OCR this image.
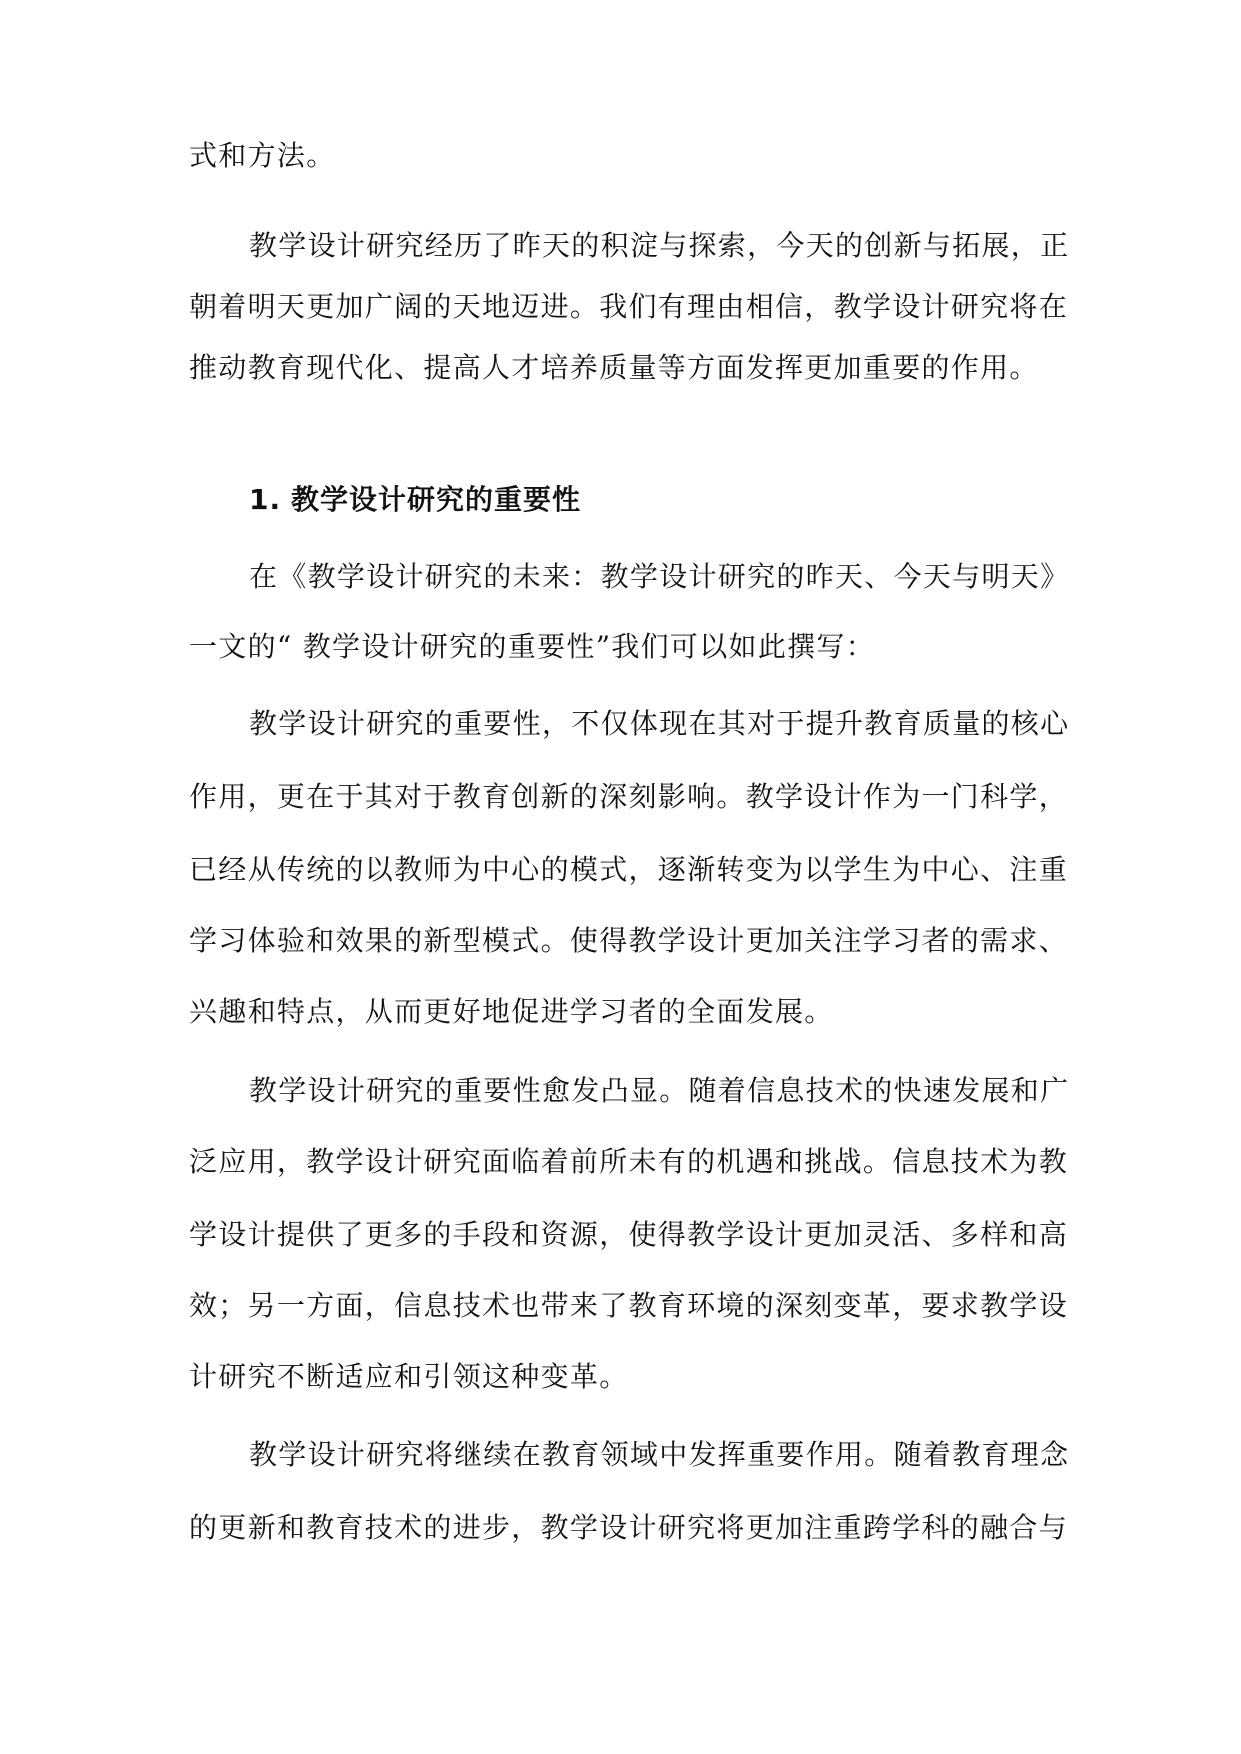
式和方法。
教学设计研究经历了昨天的积淀与探索，今天的创新与拓展，正
朝着明天更加广阔的天地迈进。我们有理由相信，教学设计研究将在
推动教育现代化、提高人才培养质量等方面发挥更加重要的作用。
1. 教学设计研究的重要性
在《教学设计研究的未来：教学设计研究的昨天、今天与明天》
一文的“ 教学设计研究的重要性”我们可以如此撰写：
教学设计研究的重要性，不仅体现在其对于提升教育质量的核心
作用，更在于其对于教育创新的深刻影响。教学设计作为一门科学，
已经从传统的以教师为中心的模式，逐渐转变为以学生为中心、注重
学习体验和效果的新型模式。使得教学设计更加关注学习者的需求、
兴趣和特点，从而更好地促进学习者的全面发展。
教学设计研究的重要性愈发凸显。随着信息技术的快速发展和广
泛应用，教学设计研究面临着前所未有的机遇和挑战。信息技术为教
学设计提供了更多的手段和资源，使得教学设计更加灵活、多样和高
效；另一方面，信息技术也带来了教育环境的深刻变革，要求教学设
计研究不断适应和引领这种变革。
教学设计研究将继续在教育领域中发挥重要作用。随着教育理念
的更新和教育技术的进步，教学设计研究将更加注重跨学科的融合与
